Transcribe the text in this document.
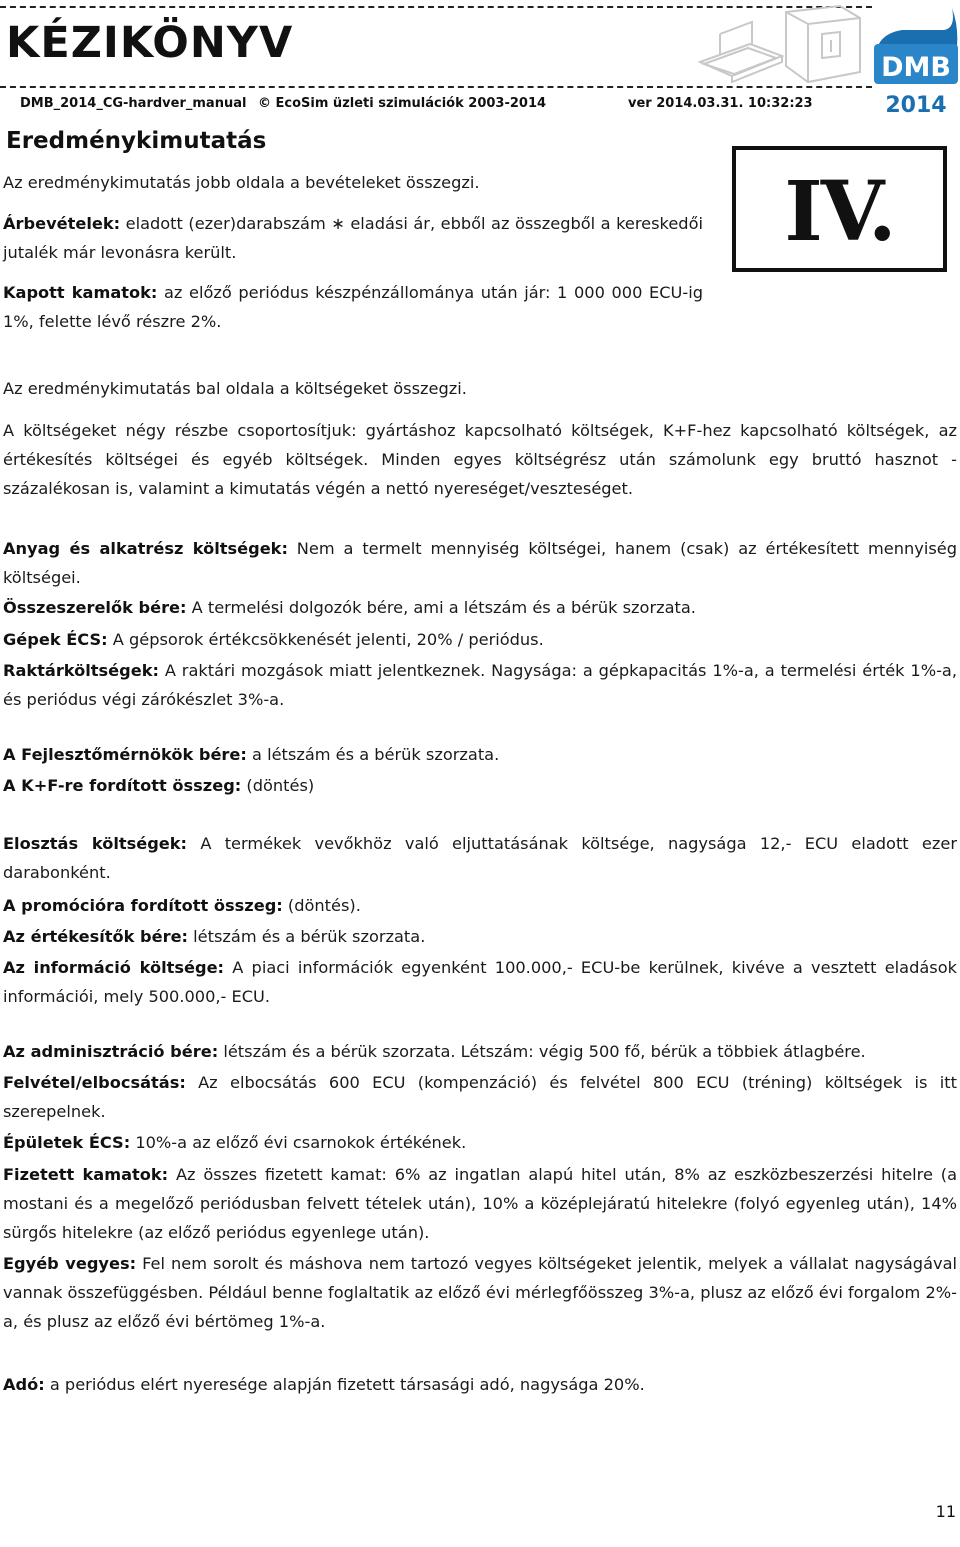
KÉZIKÖNYV
DMB_2014_CG-hardver_manual © EcoSim üzleti szimulációk 2003-2014	ver 2014.03.31. 10:32:23
DMB
2014
Eredménykimutatás
IV.

Az eredménykimutatás jobb oldala a bevételeket összegzi.

Árbevételek: eladott (ezer)darabszám ∗ eladási ár, ebből az összegből a kereskedői jutalék már levonásra került.

Kapott kamatok: az előző periódus készpénzállománya után jár: 1 000 000 ECU-ig 1%, felette lévő részre 2%.

Az eredménykimutatás bal oldala a költségeket összegzi.

A költségeket négy részbe csoportosítjuk: gyártáshoz kapcsolható költségek, K+F-hez kapcsolható költségek, az értékesítés költségei és egyéb költségek. Minden egyes költségrész után számolunk egy bruttó hasznot - százalékosan is, valamint a kimutatás végén a nettó nyereséget/veszteséget.

Anyag és alkatrész költségek: Nem a termelt mennyiség költségei, hanem (csak) az értékesített mennyiség költségei.

Összeszerelők bére: A termelési dolgozók bére, ami a létszám és a bérük szorzata.

Gépek ÉCS: A gépsorok értékcsökkenését jelenti, 20% / periódus.

Raktárköltségek: A raktári mozgások miatt jelentkeznek. Nagysága: a gépkapacitás 1%-a, a termelési érték 1%-a, és periódus végi zárókészlet 3%-a.

A Fejlesztőmérnökök bére: a létszám és a bérük szorzata.

A K+F-re fordított összeg: (döntés)

Elosztás költségek: A termékek vevőkhöz való eljuttatásának költsége, nagysága 12,- ECU eladott ezer darabonként.

A promócióra fordított összeg: (döntés).

Az értékesítők bére: létszám és a bérük szorzata.

Az információ költsége: A piaci információk egyenként 100.000,- ECU-be kerülnek, kivéve a vesztett eladások információi, mely 500.000,- ECU.

Az adminisztráció bére: létszám és a bérük szorzata. Létszám: végig 500 fő, bérük a többiek átlagbére.

Felvétel/elbocsátás: Az elbocsátás 600 ECU (kompenzáció) és felvétel 800 ECU (tréning) költségek is itt szerepelnek.

Épületek ÉCS: 10%-a az előző évi csarnokok értékének.

Fizetett kamatok: Az összes fizetett kamat: 6% az ingatlan alapú hitel után, 8% az eszközbeszerzési hitelre (a mostani és a megelőző periódusban felvett tételek után), 10% a középlejáratú hitelekre (folyó egyenleg után), 14% sürgős hitelekre (az előző periódus egyenlege után).

Egyéb vegyes: Fel nem sorolt és máshova nem tartozó vegyes költségeket jelentik, melyek a vállalat nagyságával vannak összefüggésben. Például benne foglaltatik az előző évi mérlegfőösszeg 3%-a, plusz az előző évi forgalom 2%-a, és plusz az előző évi bértömeg 1%-a.

Adó: a periódus elért nyeresége alapján fizetett társasági adó, nagysága 20%.

11
